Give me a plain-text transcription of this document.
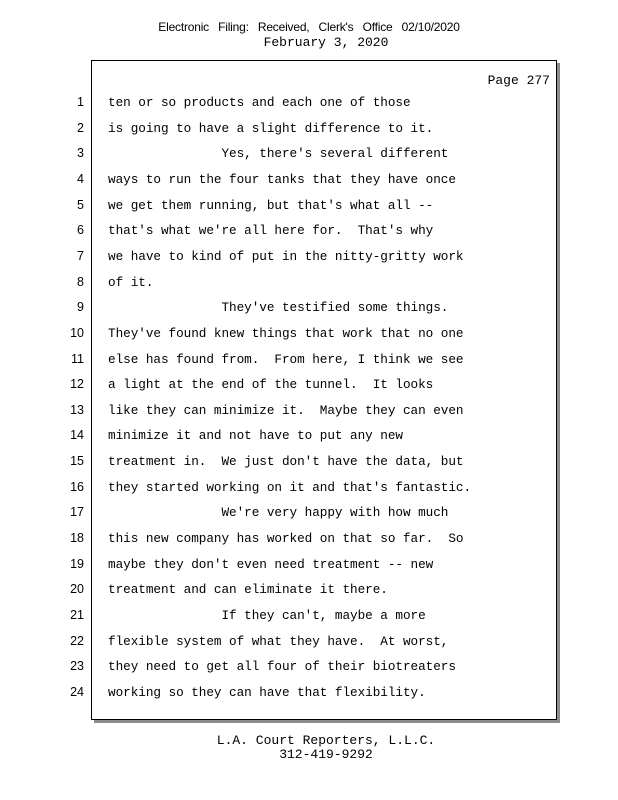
Electronic Filing: Received, Clerk's Office 02/10/2020
February 3, 2020
Page 277
1 ten or so products and each one of those
2 is going to have a slight difference to it.
3 Yes, there's several different
4 ways to run the four tanks that they have once
5 we get them running, but that's what all --
6 that's what we're all here for.  That's why
7 we have to kind of put in the nitty-gritty work
8 of it.
9 They've testified some things.
10 They've found knew things that work that no one
11 else has found from.  From here, I think we see
12 a light at the end of the tunnel.  It looks
13 like they can minimize it.  Maybe they can even
14 minimize it and not have to put any new
15 treatment in.  We just don't have the data, but
16 they started working on it and that's fantastic.
17 We're very happy with how much
18 this new company has worked on that so far.  So
19 maybe they don't even need treatment -- new
20 treatment and can eliminate it there.
21 If they can't, maybe a more
22 flexible system of what they have.  At worst,
23 they need to get all four of their biotreaters
24 working so they can have that flexibility.
L.A. Court Reporters, L.L.C.
312-419-9292
